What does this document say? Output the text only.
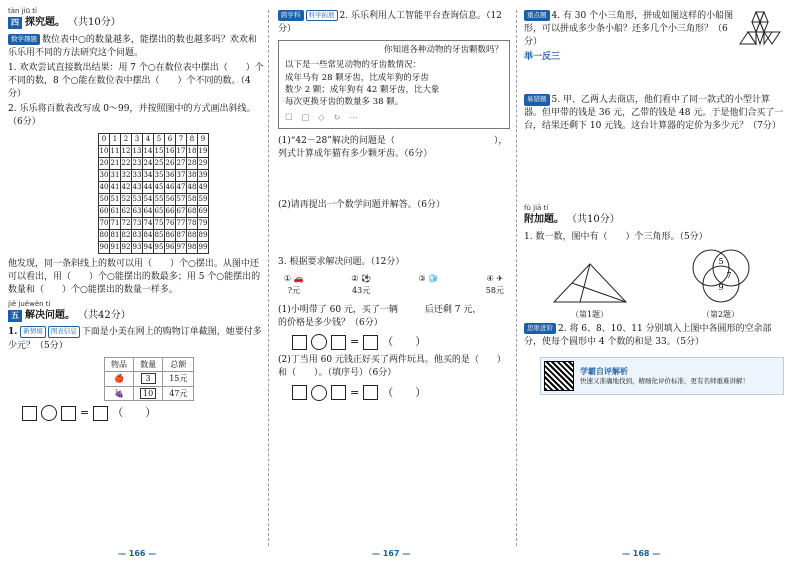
tàn jiū tí
四 探究题。 （共10分）

数学趣题 数位表中○的数量越多，能摆出的数也越多吗？欢欢和乐乐用不同的方法研究这个问题。

1. 欢欢尝试直接数出结果：用 7 个○在数位表中摆出（　　）个不同的数，8 个○能在数位表中摆出（　　）个不同的数。（4分）

2. 乐乐将百数表改写成 0～99，并按照图中的方式画出斜线。（6分）

0	1	2	3	4	5	6	7	8	9
10	11	12	13	14	15	16	17	18	19
20	21	22	23	24	25	26	27	28	29
30	31	32	33	34	35	36	37	38	39
40	41	42	43	44	45	46	47	48	49
50	51	52	53	54	55	56	57	58	59
60	61	62	63	64	65	66	67	68	69
70	71	72	73	74	75	76	77	78	79
80	81	82	83	84	85	86	87	88	89
90	91	92	93	94	95	96	97	98	99

他发现，同一条斜线上的数可以用（　　）个○摆出。从图中还可以看出，用（　　）个○能摆出的数最多；用 5 个○能摆出的数量和（　　）个○能摆出的数量一样多。

jiě juéwèn tí
五 解决问题。 （共42分）

1. 新情境 图表信息 下面是小美在网上的购物订单截图，她要付多少元？（5分）

物品	数量	总额
🍎	3	15元
🍇	10	47元
= （　　）
— 166 —

跨学科 科学拓展 2. 乐乐利用人工智能平台查询信息。（12分）

你知道各种动物的牙齿颗数吗？
以下是一些常见动物的牙齿数情况：
成年马有 28 颗牙齿，比成年狗的牙齿
数少 2 颗；成年狗有 42 颗牙齿，比大象
每次更换牙齿的数量多 38 颗。
☐ ▢ ◇ ↻ ⋯

(1)“42－28”解决的问题是（　　　　　　　　　　　），列式计算成年猫有多少颗牙齿。（6分）

(2)请再提出一个数学问题并解答。（6分）

3. 根据要求解决问题。（12分）

① 🚗
?元
② ⚽
43元
③ 🧊	④ ✈
58元

(1)小明带了 60 元，买了一辆　　　后还剩 7 元，　　　的价格是多少钱？（6分）

= （　　）

(2)丁当用 60 元钱正好买了两件玩具。他买的是（　　）和（　　）。（填序号）（6分）

= （　　）
— 167 —

重点题 4. 有 30 个小三角形，拼成如图这样的小船图形，可以拼成多少条小船？还多几个小三角形？（6分）

举一反三

易错题 5. 甲、乙两人去商店，他们看中了同一款式的小型计算器。但甲带的钱是 36 元，乙带的钱是 48 元。于是他们合买了一台，结果还剩下 10 元钱。这台计算器的定价为多少元？（7分）

fù jiā tí
附加题。 （共10分）

1. 数一数，图中有（　　）个三角形。（5分）

（第1题）
5
7
9
（第2题）

思维进阶 2. 将 6、8、10、11 分别填入上图中各圆形的空余部分，使每个圆形中 4 个数的和是 33。（5分）

学霸自评解析
快速又准确地找到，精细化评价标准，更有名师重难讲解！
— 168 —
